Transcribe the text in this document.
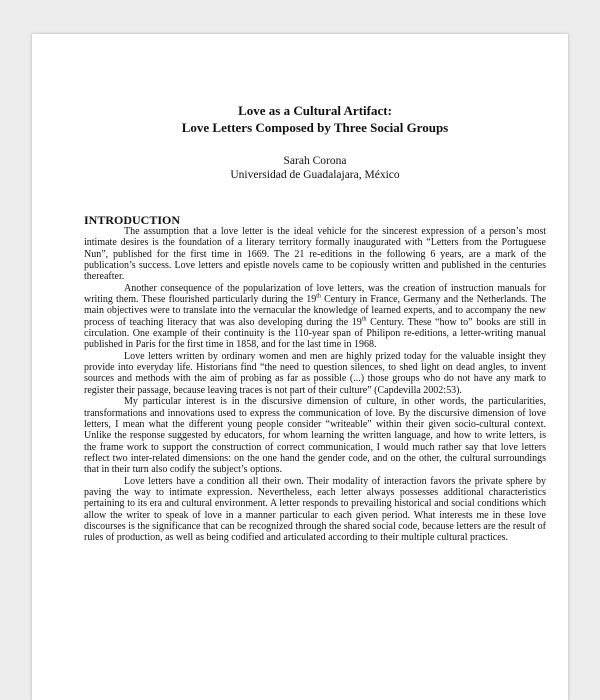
Love as a Cultural Artifact:
Love Letters Composed by Three Social Groups
Sarah Corona
Universidad de Guadalajara, México
INTRODUCTION

The assumption that a love letter is the ideal vehicle for the sincerest expression of a person’s most intimate desires is the foundation of a literary territory formally inaugurated with “Letters from the Portuguese Nun”, published for the first time in 1669. The 21 re-editions in the following 6 years, are a mark of the publication’s success. Love letters and epistle novels came to be copiously written and published in the centuries thereafter.

Another consequence of the popularization of love letters, was the creation of instruction manuals for writing them. These flourished particularly during the 19th Century in France, Germany and the Netherlands. The main objectives were to translate into the vernacular the knowledge of learned experts, and to accompany the new process of teaching literacy that was also developing during the 19th Century. These “how to” books are still in circulation. One example of their continuity is the 110-year span of Philipon re-editions, a letter-writing manual published in Paris for the first time in 1858, and for the last time in 1968.

Love letters written by ordinary women and men are highly prized today for the valuable insight they provide into everyday life. Historians find “the need to question silences, to shed light on dead angles, to invent sources and methods with the aim of probing as far as possible (...) those groups who do not have any mark to register their passage, because leaving traces is not part of their culture” (Capdevilla 2002:53).

My particular interest is in the discursive dimension of culture, in other words, the particularities, transformations and innovations used to express the communication of love. By the discursive dimension of love letters, I mean what the different young people consider “writeable” within their given socio-cultural context. Unlike the response suggested by educators, for whom learning the written language, and how to write letters, is the frame work to support the construction of correct communication, I would much rather say that love letters reflect two inter-related dimensions: on the one hand the gender code, and on the other, the cultural surroundings that in their turn also codify the subject’s options.

Love letters have a condition all their own. Their modality of interaction favors the private sphere by paving the way to intimate expression. Nevertheless, each letter always possesses additional characteristics pertaining to its era and cultural environment. A letter responds to prevailing historical and social conditions which allow the writer to speak of love in a manner particular to each given period. What interests me in these love discourses is the significance that can be recognized through the shared social code, because letters are the result of rules of production, as well as being codified and articulated according to their multiple cultural practices.
